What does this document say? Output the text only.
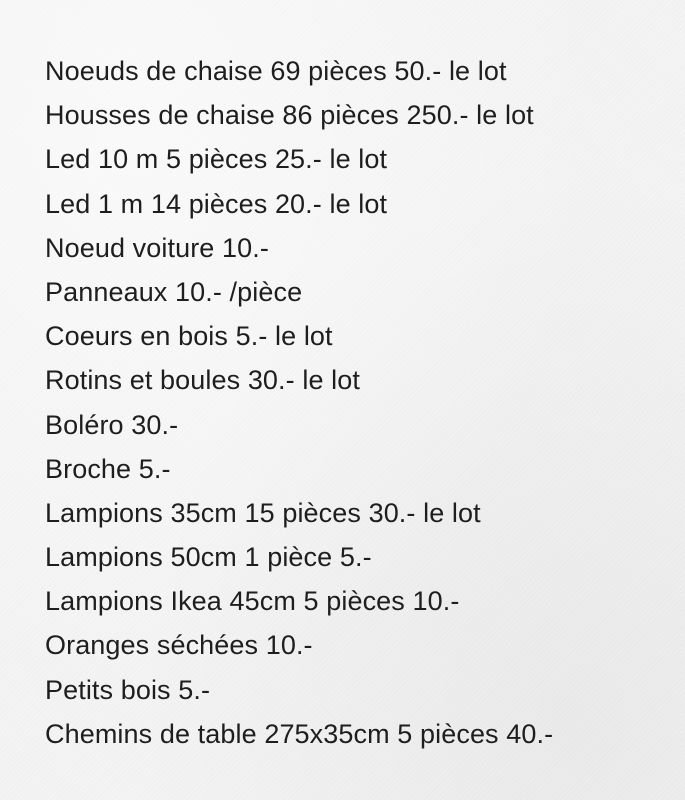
Noeuds de chaise 69 pièces 50.- le lot
Housses de chaise 86 pièces 250.- le lot
Led 10 m 5 pièces 25.- le lot
Led 1 m 14 pièces 20.- le lot
Noeud voiture 10.-
Panneaux 10.- /pièce
Coeurs en bois 5.- le lot
Rotins et boules 30.- le lot
Boléro 30.-
Broche 5.-
Lampions 35cm 15 pièces 30.- le lot
Lampions 50cm 1 pièce 5.-
Lampions Ikea 45cm 5 pièces 10.-
Oranges séchées 10.-
Petits bois 5.-
Chemins de table 275x35cm 5 pièces 40.-
